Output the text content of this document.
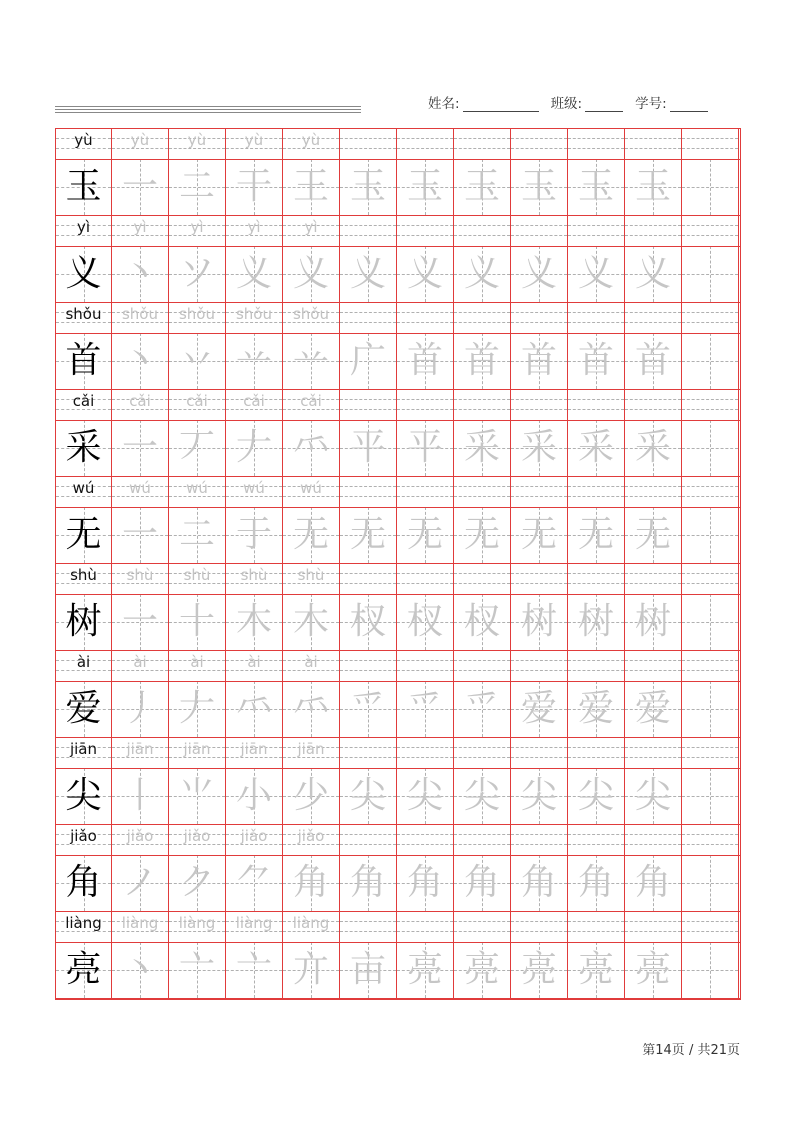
姓名:	班级:	学号:
yù	yù	yù	yù	yù
玉 一 二 干 王 玉 玉 玉 玉 玉 玉
yì	yì	yì	yì	yì
义 丶 ソ 义 义 义 义 义 义 义 义
shǒu	shǒu	shǒu	shǒu	shǒu
首 丶 丷 䒑 䒑 广 首 首 首 首 首
cǎi	cǎi	cǎi	cǎi	cǎi
采 一 丆 𠂇 ⺤ 平 平 采 采 采 采
wú	wú	wú	wú	wú
无 一 二 于 无 无 无 无 无 无 无
shù	shù	shù	shù	shù
树 一 十 木 木 杈 杈 杈 树 树 树
ài	ài	ài	ài	ài
爱 丿 𠂇 ⺤ ⺤ 爫 爫 爫 爱 爱 爱
jiān	jiān	jiān	jiān	jiān
尖 丨 ⺌ 小 少 尖 尖 尖 尖 尖 尖
jiǎo	jiǎo	jiǎo	jiǎo	jiǎo
角 ノ ク ⺈ 角 角 角 角 角 角 角
liàng	liàng	liàng	liàng	liàng
亮 丶 亠 亠 亣 亩 亮 亮 亮 亮 亮
第14页 / 共21页
